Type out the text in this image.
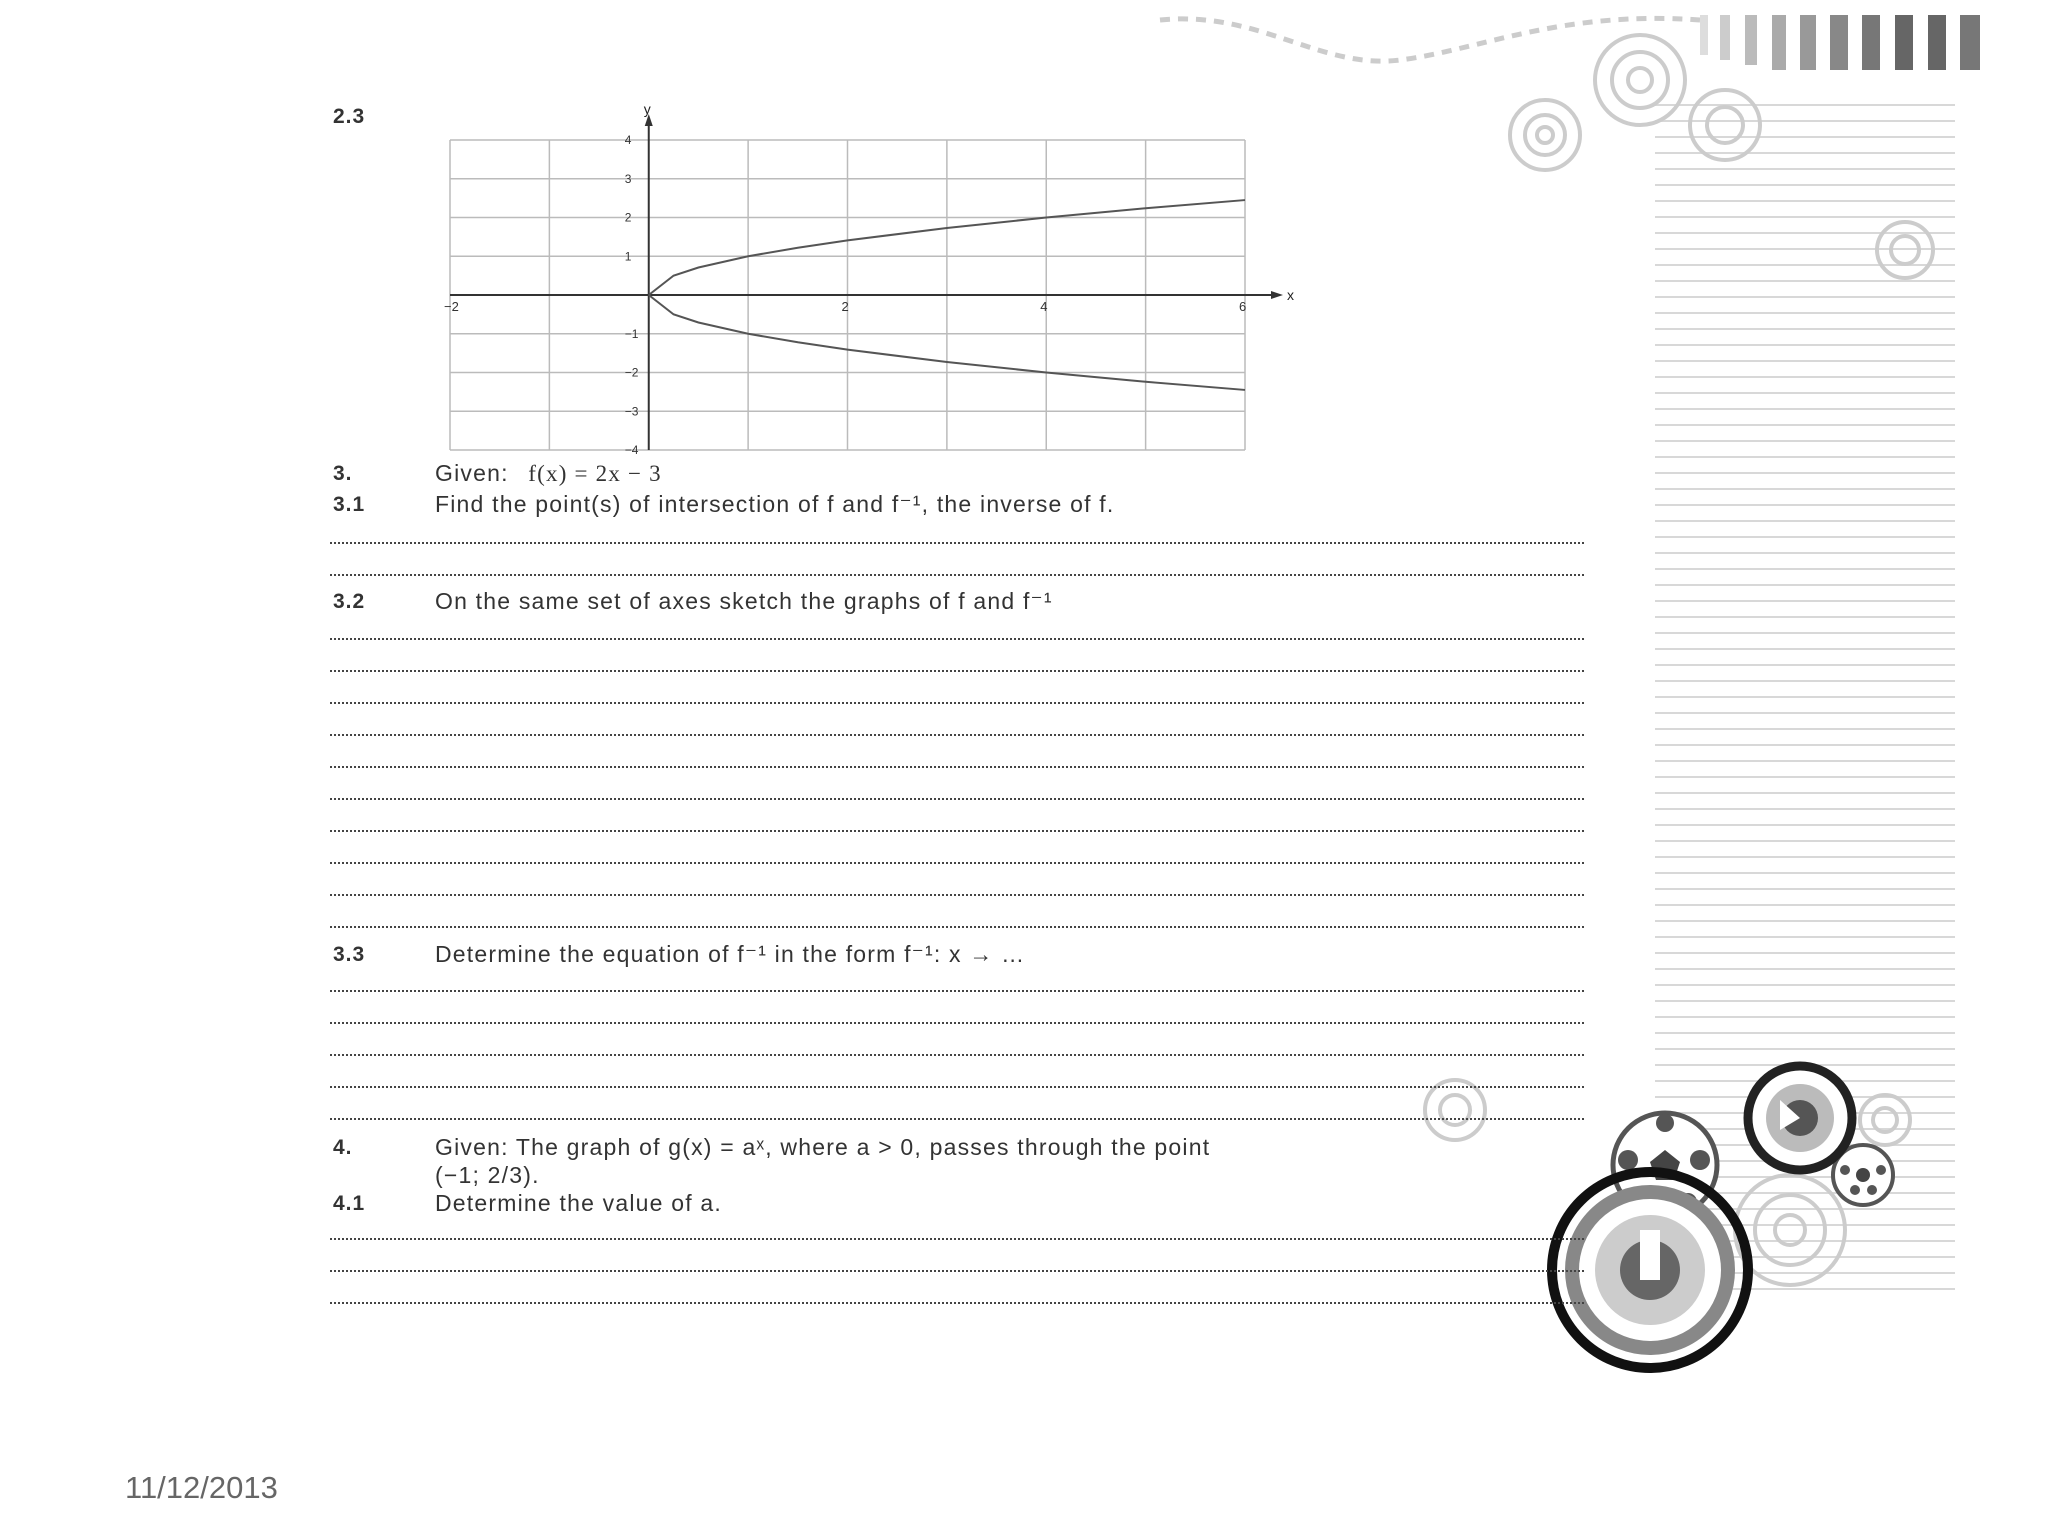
2.3
−2	2	4	6
4
3
2
1
−1
−2
−3
−4
x
y
3.	Given: f(x) = 2x − 3
3.1	Find the point(s) of intersection of f and f⁻¹, the inverse of f.
3.2	On the same set of axes sketch the graphs of f and f⁻¹
3.3	Determine the equation of f⁻¹ in the form f⁻¹: x → …
4.	Given: The graph of g(x) = aˣ, where a > 0, passes through the point
(−1; 2/3).
4.1	Determine the value of a.
11/12/2013
